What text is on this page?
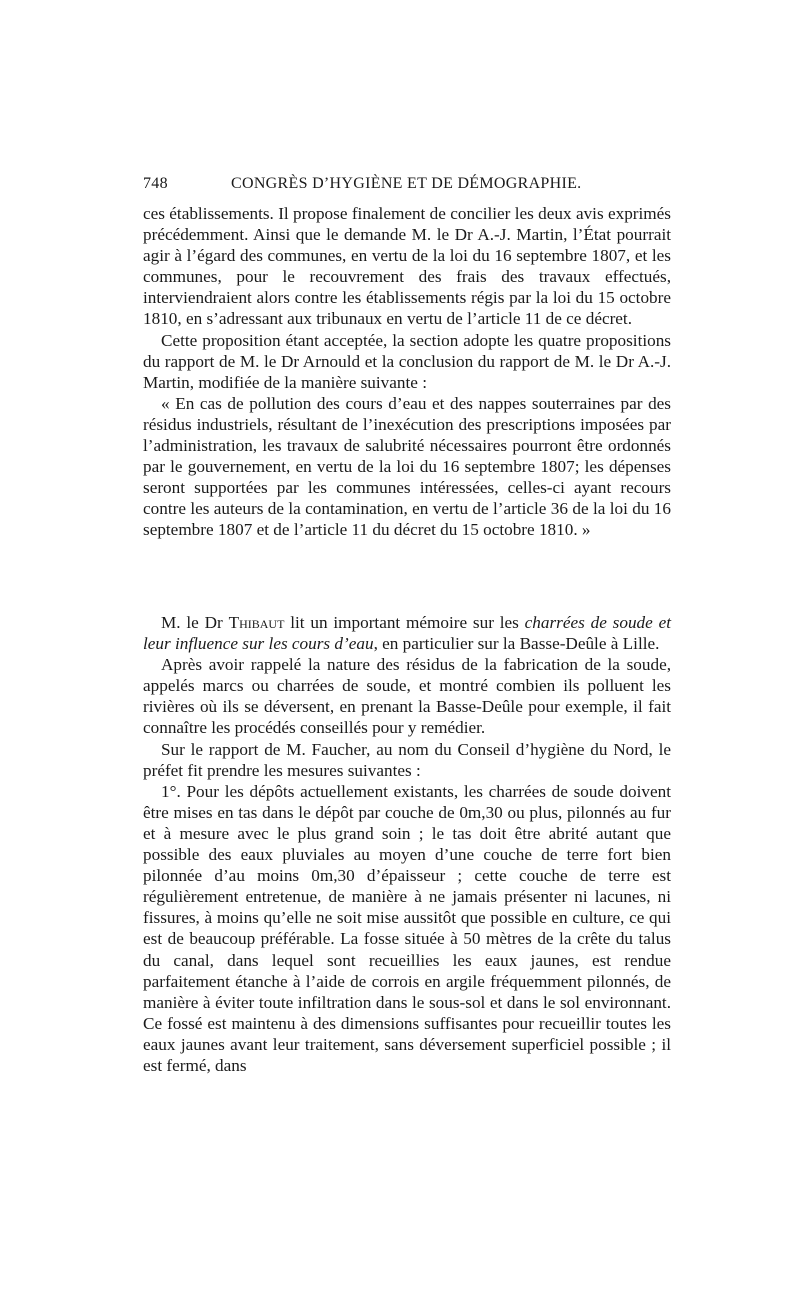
748	CONGRÈS D’HYGIÈNE ET DE DÉMOGRAPHIE.

ces établissements. Il propose finalement de concilier les deux avis exprimés précédemment. Ainsi que le demande M. le Dr A.-J. Martin, l’État pourrait agir à l’égard des communes, en vertu de la loi du 16 septembre 1807, et les communes, pour le recouvrement des frais des travaux effectués, interviendraient alors contre les établissements régis par la loi du 15 octobre 1810, en s’adressant aux tribunaux en vertu de l’article 11 de ce décret.

Cette proposition étant acceptée, la section adopte les quatre propositions du rapport de M. le Dr Arnould et la conclusion du rapport de M. le Dr A.-J. Martin, modifiée de la manière suivante :

« En cas de pollution des cours d’eau et des nappes souterraines par des résidus industriels, résultant de l’inexécution des prescriptions imposées par l’administration, les travaux de salubrité nécessaires pourront être ordonnés par le gouvernement, en vertu de la loi du 16 septembre 1807; les dépenses seront supportées par les communes intéressées, celles-ci ayant recours contre les auteurs de la contamination, en vertu de l’article 36 de la loi du 16 septembre 1807 et de l’article 11 du décret du 15 octobre 1810. »

M. le Dr Thibaut lit un important mémoire sur les charrées de soude et leur influence sur les cours d’eau, en particulier sur la Basse-Deûle à Lille.

Après avoir rappelé la nature des résidus de la fabrication de la soude, appelés marcs ou charrées de soude, et montré combien ils polluent les rivières où ils se déversent, en prenant la Basse-Deûle pour exemple, il fait connaître les procédés conseillés pour y remédier.

Sur le rapport de M. Faucher, au nom du Conseil d’hygiène du Nord, le préfet fit prendre les mesures suivantes :

1°. Pour les dépôts actuellement existants, les charrées de soude doivent être mises en tas dans le dépôt par couche de 0m,30 ou plus, pilonnés au fur et à mesure avec le plus grand soin ; le tas doit être abrité autant que possible des eaux pluviales au moyen d’une couche de terre fort bien pilonnée d’au moins 0m,30 d’épaisseur ; cette couche de terre est régulièrement entretenue, de manière à ne jamais présenter ni lacunes, ni fissures, à moins qu’elle ne soit mise aussitôt que possible en culture, ce qui est de beaucoup préférable. La fosse située à 50 mètres de la crête du talus du canal, dans lequel sont recueillies les eaux jaunes, est rendue parfaitement étanche à l’aide de corrois en argile fréquemment pilonnés, de manière à éviter toute infiltration dans le sous-sol et dans le sol environnant. Ce fossé est maintenu à des dimensions suffisantes pour recueillir toutes les eaux jaunes avant leur traitement, sans déversement superficiel possible ; il est fermé, dans
